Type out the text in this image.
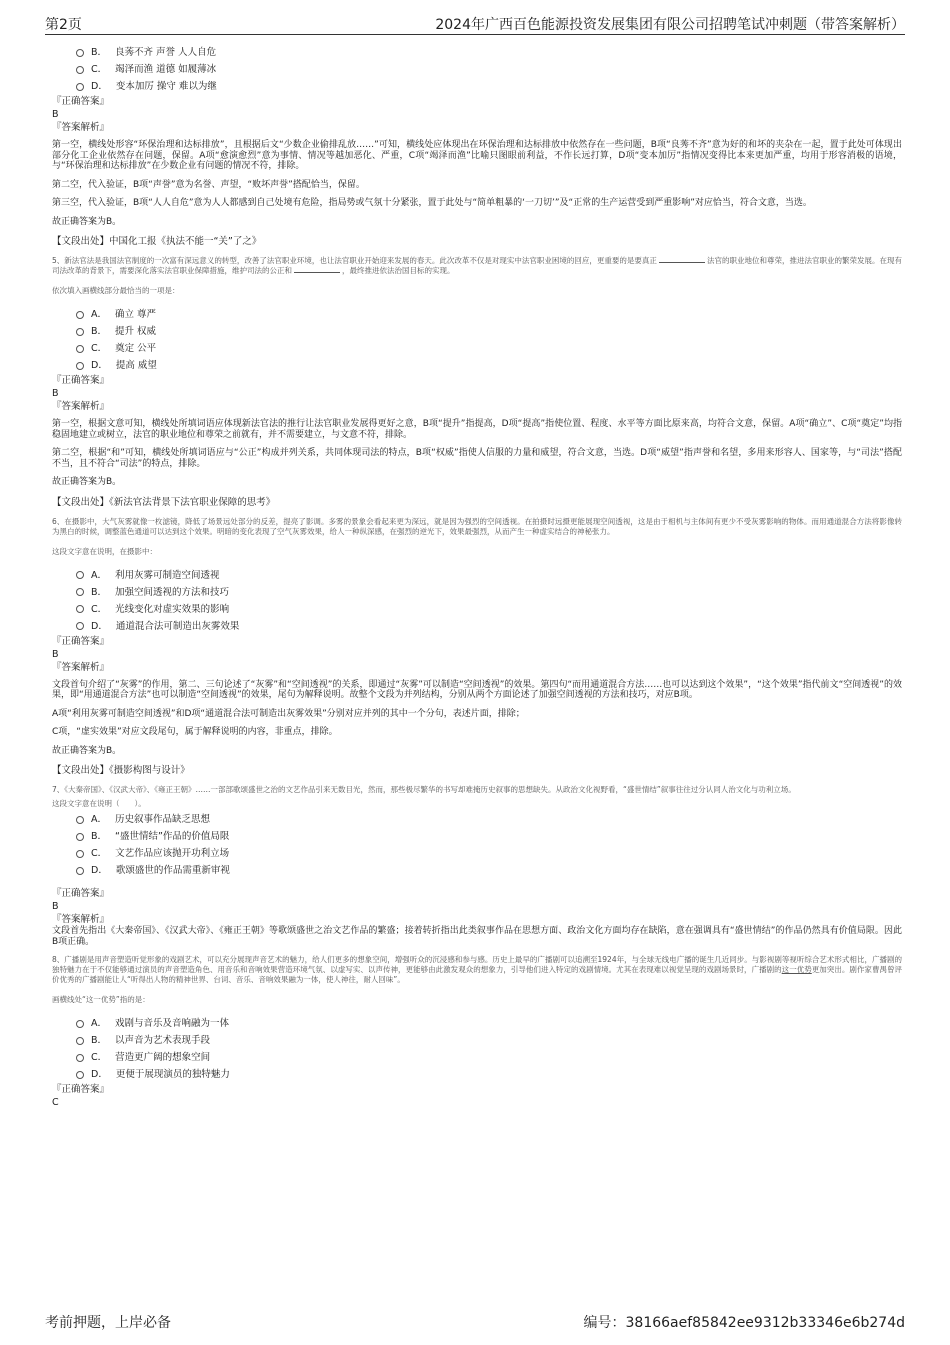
第2页	2024年广西百色能源投资发展集团有限公司招聘笔试冲刺题（带答案解析）
B． 良莠不齐 声誉 人人自危
C． 竭泽而渔 道德 如履薄冰
D． 变本加厉 操守 难以为继
『正确答案』
B
『答案解析』
第一空，横线处形容“环保治理和达标排放”，且根据后文“少数企业偷排乱放……”可知，横线处应体现出在环保治理和达标排放中依然存在一些问题，B项“良莠不齐”意为好的和坏的夹杂在一起，置于此处可体现出部分化工企业依然存在问题，保留。A项“愈演愈烈”意为事情、情况等越加恶化、严重，C项“竭泽而渔”比喻只图眼前利益，不作长远打算，D项“变本加厉”指情况变得比本来更加严重，均用于形容消极的语境，与“环保治理和达标排放”在少数企业有问题的情况不符，排除。
第二空，代入验证，B项“声誉”意为名誉、声望，“败坏声誉”搭配恰当，保留。
第三空，代入验证，B项“人人自危”意为人人都感到自己处境有危险，指局势或气氛十分紧张，置于此处与“简单粗暴的‘一刀切’”及“正常的生产运营受到严重影响”对应恰当，符合文意，当选。
故正确答案为B。
【文段出处】中国化工报《执法不能一“关”了之》
5、新法官法是我国法官制度的一次富有深远意义的转型，改善了法官职业环境，也让法官职业开始迎来发展的春天。此次改革不仅是对现实中法官职业困境的回应，更重要的是要真正	法官的职业地位和尊荣，推进法官职业的繁荣发展。在现有司法改革的背景下，需要深化落实法官职业保障措施，维护司法的公正和	，最终推进依法治国目标的实现。
依次填入画横线部分最恰当的一项是：
A． 确立 尊严
B． 提升 权威
C． 奠定 公平
D． 提高 威望
『正确答案』
B
『答案解析』
第一空，根据文意可知，横线处所填词语应体现新法官法的推行让法官职业发展得更好之意，B项“提升”指提高，D项“提高”指使位置、程度、水平等方面比原来高，均符合文意，保留。A项“确立”、C项“奠定”均指稳固地建立或树立，法官的职业地位和尊荣之前就有，并不需要建立，与文意不符，排除。
第二空，根据“和”可知，横线处所填词语应与“公正”构成并列关系，共同体现司法的特点，B项“权威”指使人信服的力量和威望，符合文意，当选。D项“威望”指声誉和名望，多用来形容人、国家等，与“司法”搭配不当，且不符合“司法”的特点，排除。
故正确答案为B。
【文段出处】《新法官法背景下法官职业保障的思考》
6、在摄影中，大气灰雾就像一枚滤镜，降低了场景远处部分的反差，提亮了影调。多雾的景象会看起来更为深远，就是因为强烈的空间透视。在拍摄时远摄更能展现空间透视，这是由于相机与主体间有更少不受灰雾影响的物体。而用通道混合方法将影像转为黑白的时候，调整蓝色通道可以达到这个效果。明暗的变化表现了空气灰雾效果，给人一种纵深感，在强烈的逆光下，效果最强烈，从而产生一种虚实结合的神秘张力。
这段文字意在说明，在摄影中：
A． 利用灰雾可制造空间透视
B． 加强空间透视的方法和技巧
C． 光线变化对虚实效果的影响
D． 通道混合法可制造出灰雾效果
『正确答案』
B
『答案解析』
文段首句介绍了“灰雾”的作用，第二、三句论述了“灰雾”和“空间透视”的关系，即通过“灰雾”可以制造“空间透视”的效果。第四句“而用通道混合方法……也可以达到这个效果”，“这个效果”指代前文“空间透视”的效果，即“用通道混合方法”也可以制造“空间透视”的效果，尾句为解释说明。故整个文段为并列结构，分别从两个方面论述了加强空间透视的方法和技巧，对应B项。
A项“利用灰雾可制造空间透视”和D项“通道混合法可制造出灰雾效果”分别对应并列的其中一个分句，表述片面，排除；
C项，“虚实效果”对应文段尾句，属于解释说明的内容，非重点，排除。
故正确答案为B。
【文段出处】《摄影构图与设计》
7、《大秦帝国》、《汉武大帝》、《雍正王朝》……一部部歌颂盛世之治的文艺作品引来无数目光，然而，那些极尽繁华的书写却难掩历史叙事的思想缺失。从政治文化视野看，“盛世情结”叙事往往过分认同人治文化与功利立场。
这段文字意在说明（　　）。
A． 历史叙事作品缺乏思想
B． “盛世情结”作品的价值局限
C． 文艺作品应该抛开功利立场
D． 歌颂盛世的作品需重新审视
『正确答案』
B
『答案解析』
文段首先指出《大秦帝国》、《汉武大帝》、《雍正王朝》等歌颂盛世之治文艺作品的繁盛；接着转折指出此类叙事作品在思想方面、政治文化方面均存在缺陷，意在强调具有“盛世情结”的作品仍然具有价值局限。因此B项正确。
8、广播剧是用声音塑造听觉形象的戏剧艺术，可以充分展现声音艺术的魅力，给人们更多的想象空间，增强听众的沉浸感和参与感。历史上最早的广播剧可以追溯至1924年，与全球无线电广播的诞生几近同步。与影视剧等视听综合艺术形式相比，广播剧的独特魅力在于不仅能够通过演员的声音塑造角色、用音乐和音响效果营造环境气氛、以虚写实、以声传神，更能够由此激发观众的想象力，引导他们进入特定的戏剧情境。尤其在表现难以视觉呈现的戏剧场景时，广播剧的这一优势更加突出。剧作家曹禺曾评价优秀的广播剧能让人“听得出人物的精神世界、台词、音乐、音响效果融为一体，使人神往，耐人回味”。
画横线处“这一优势”指的是：
A． 戏剧与音乐及音响融为一体
B． 以声音为艺术表现手段
C． 营造更广阔的想象空间
D． 更便于展现演员的独特魅力
『正确答案』
C
考前押题，上岸必备	编号：38166aef85842ee9312b33346e6b274d
